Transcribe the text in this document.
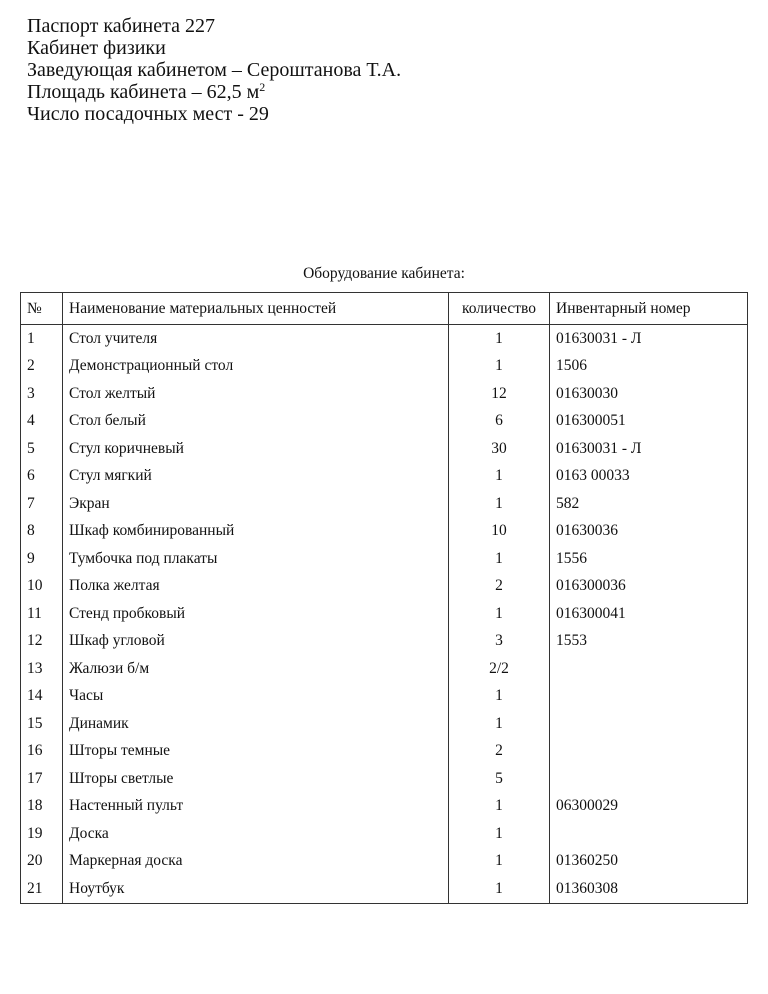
Паспорт кабинета 227
Кабинет физики
Заведующая кабинетом – Сероштанова Т.А.
Площадь кабинета – 62,5 $м^2$
Число посадочных мест - 29
Оборудование кабинета:
№	Наименование материальных ценностей	количество	Инвентарный номер
1	Стол учителя	1	01630031 - Л
2	Демонстрационный стол	1	1506
3	Стол желтый	12	01630030
4	Стол белый	6	016300051
5	Стул коричневый	30	01630031 - Л
6	Стул мягкий	1	0163 00033
7	Экран	1	582
8	Шкаф комбинированный	10	01630036
9	Тумбочка под плакаты	1	1556
10	Полка желтая	2	016300036
11	Стенд пробковый	1	016300041
12	Шкаф угловой	3	1553
13	Жалюзи б/м	2/2	
14	Часы	1	
15	Динамик	1	
16	Шторы темные	2	
17	Шторы светлые	5	
18	Настенный пульт	1	06300029
19	Доска	1	
20	Маркерная доска	1	01360250
21	Ноутбук	1	01360308
